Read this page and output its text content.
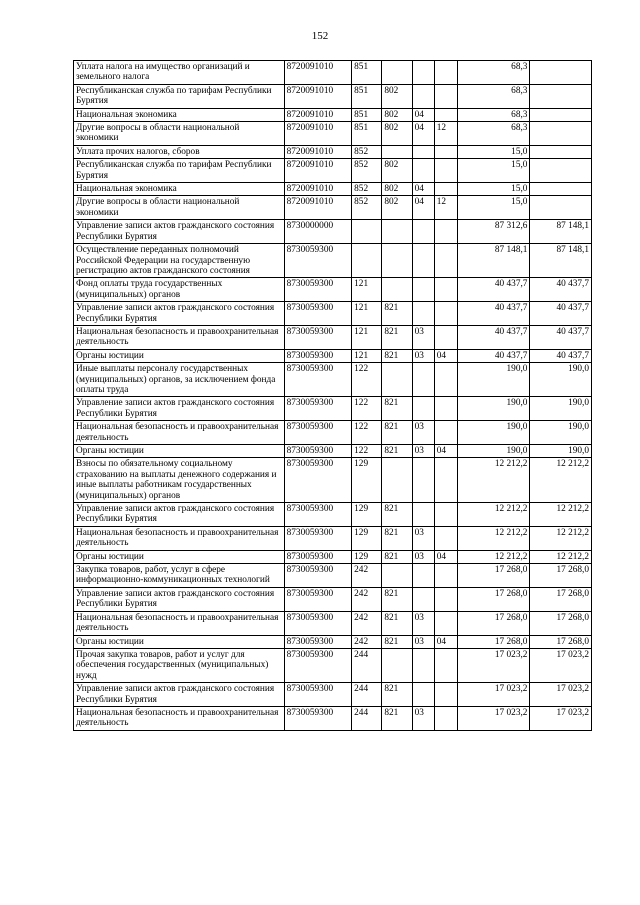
152
Уплата налога на имущество организаций и земельного налога	8720091010	851				68,3	
Республиканская служба по тарифам Республики Бурятия	8720091010	851	802			68,3	
Национальная экономика	8720091010	851	802	04		68,3	
Другие вопросы в области национальной экономики	8720091010	851	802	04	12	68,3	
Уплата прочих налогов, сборов	8720091010	852				15,0	
Республиканская служба по тарифам Республики Бурятия	8720091010	852	802			15,0	
Национальная экономика	8720091010	852	802	04		15,0	
Другие вопросы в области национальной экономики	8720091010	852	802	04	12	15,0	
Управление записи актов гражданского состояния Республики Бурятия	8730000000					87 312,6	87 148,1
Осуществление переданных полномочий Российской Федерации на государственную регистрацию актов гражданского состояния	8730059300					87 148,1	87 148,1
Фонд оплаты труда государственных (муниципальных) органов	8730059300	121				40 437,7	40 437,7
Управление записи актов гражданского состояния Республики Бурятия	8730059300	121	821			40 437,7	40 437,7
Национальная безопасность и правоохранительная деятельность	8730059300	121	821	03		40 437,7	40 437,7
Органы юстиции	8730059300	121	821	03	04	40 437,7	40 437,7
Иные выплаты персоналу государственных (муниципальных) органов, за исключением фонда оплаты труда	8730059300	122				190,0	190,0
Управление записи актов гражданского состояния Республики Бурятия	8730059300	122	821			190,0	190,0
Национальная безопасность и правоохранительная деятельность	8730059300	122	821	03		190,0	190,0
Органы юстиции	8730059300	122	821	03	04	190,0	190,0
Взносы по обязательному социальному страхованию на выплаты денежного содержания и иные выплаты работникам государственных (муниципальных) органов	8730059300	129				12 212,2	12 212,2
Управление записи актов гражданского состояния Республики Бурятия	8730059300	129	821			12 212,2	12 212,2
Национальная безопасность и правоохранительная деятельность	8730059300	129	821	03		12 212,2	12 212,2
Органы юстиции	8730059300	129	821	03	04	12 212,2	12 212,2
Закупка товаров, работ, услуг в сфере информационно-коммуникационных технологий	8730059300	242				17 268,0	17 268,0
Управление записи актов гражданского состояния Республики Бурятия	8730059300	242	821			17 268,0	17 268,0
Национальная безопасность и правоохранительная деятельность	8730059300	242	821	03		17 268,0	17 268,0
Органы юстиции	8730059300	242	821	03	04	17 268,0	17 268,0
Прочая закупка товаров, работ и услуг для обеспечения государственных (муниципальных) нужд	8730059300	244				17 023,2	17 023,2
Управление записи актов гражданского состояния Республики Бурятия	8730059300	244	821			17 023,2	17 023,2
Национальная безопасность и правоохранительная деятельность	8730059300	244	821	03		17 023,2	17 023,2
